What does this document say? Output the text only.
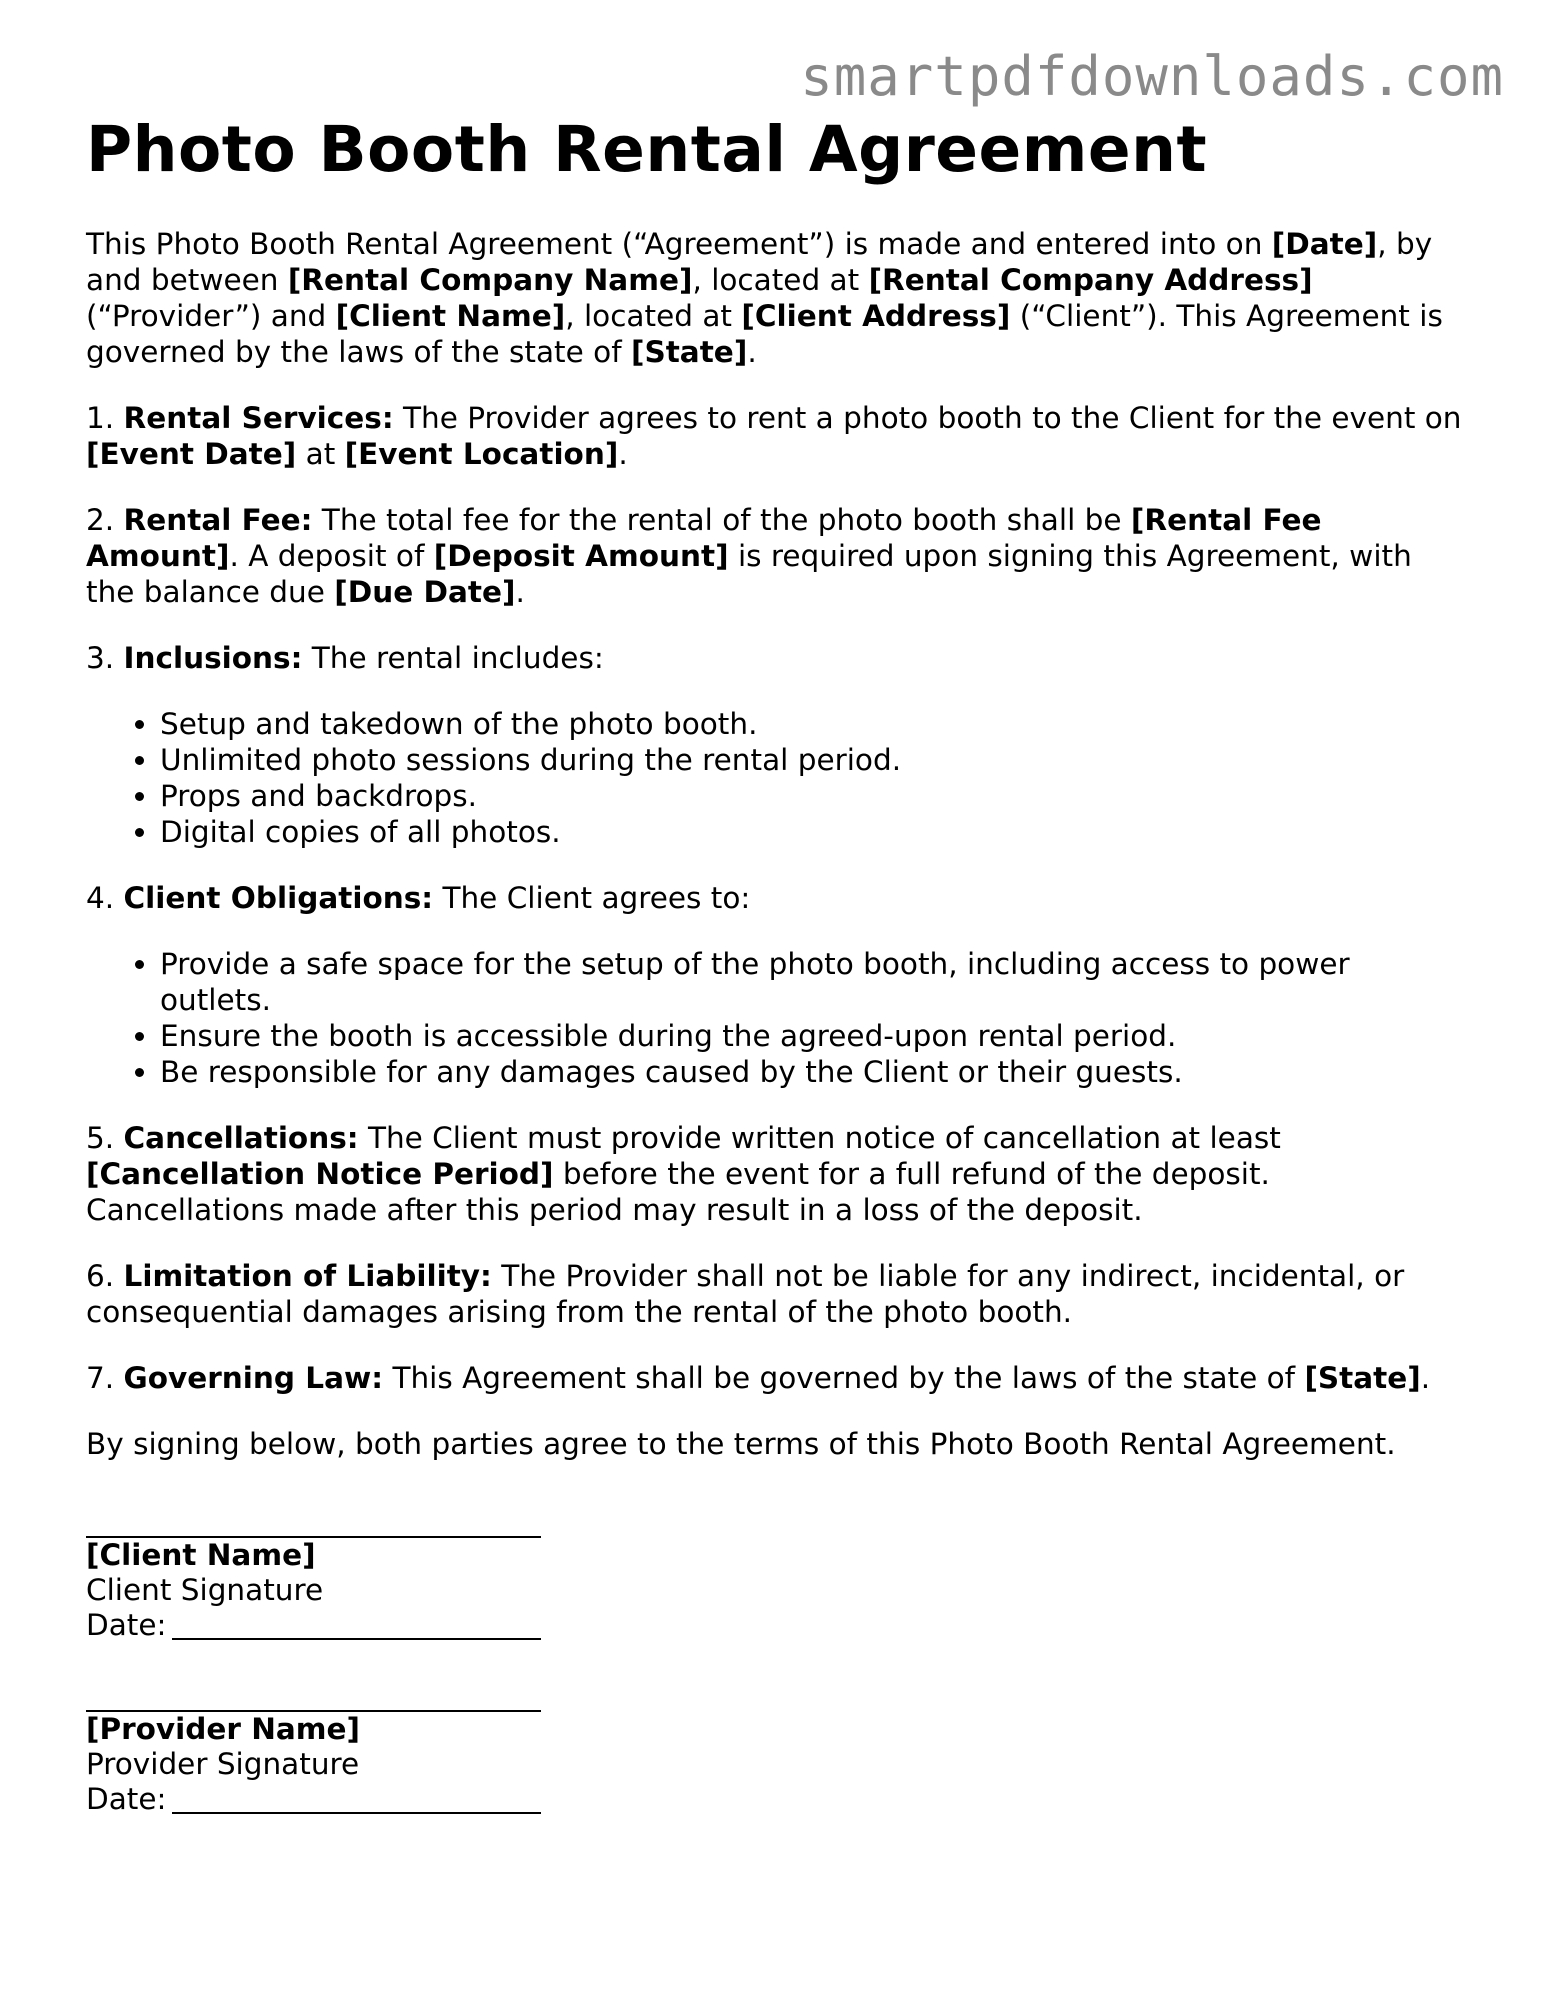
smartpdfdownloads.com
Photo Booth Rental Agreement

This Photo Booth Rental Agreement (“Agreement”) is made and entered into on [Date], by and between [Rental Company Name], located at [Rental Company Address] (“Provider”) and [Client Name], located at [Client Address] (“Client”). This Agreement is governed by the laws of the state of [State].

1. Rental Services: The Provider agrees to rent a photo booth to the Client for the event on [Event Date] at [Event Location].

2. Rental Fee: The total fee for the rental of the photo booth shall be [Rental Fee Amount]. A deposit of [Deposit Amount] is required upon signing this Agreement, with the balance due [Due Date].

3. Inclusions: The rental includes:

• Setup and takedown of the photo booth.
• Unlimited photo sessions during the rental period.
• Props and backdrops.
• Digital copies of all photos.

4. Client Obligations: The Client agrees to:

• Provide a safe space for the setup of the photo booth, including access to power outlets.
• Ensure the booth is accessible during the agreed-upon rental period.
• Be responsible for any damages caused by the Client or their guests.

5. Cancellations: The Client must provide written notice of cancellation at least [Cancellation Notice Period] before the event for a full refund of the deposit. Cancellations made after this period may result in a loss of the deposit.

6. Limitation of Liability: The Provider shall not be liable for any indirect, incidental, or consequential damages arising from the rental of the photo booth.

7. Governing Law: This Agreement shall be governed by the laws of the state of [State].

By signing below, both parties agree to the terms of this Photo Booth Rental Agreement.

[Client Name]
Client Signature
Date:
[Provider Name]
Provider Signature
Date:
